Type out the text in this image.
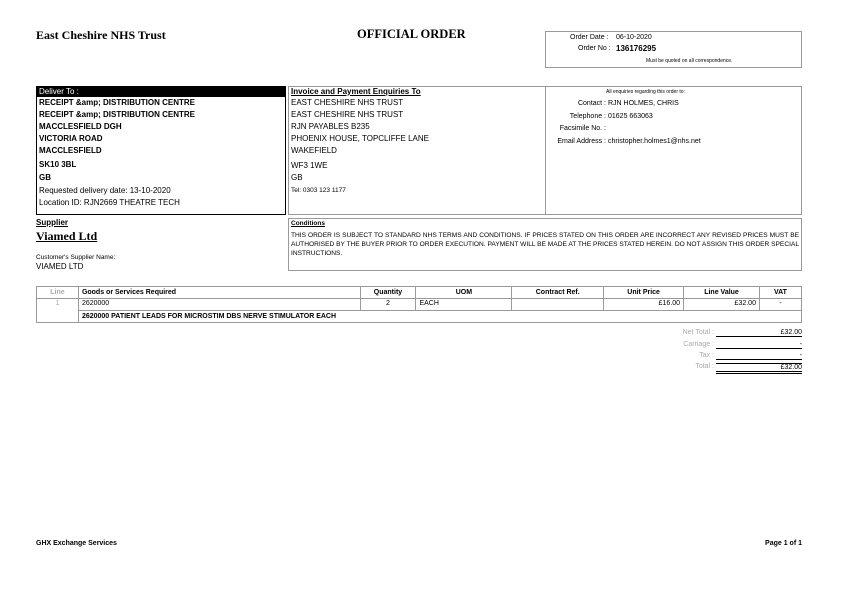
East Cheshire NHS Trust	OFFICIAL ORDER	Order Date : 06-10-2020
Order No : 136176295
Must be quoted on all correspondence.
Deliver To :
RECEIPT &amp; DISTRIBUTION CENTRE
RECEIPT &amp; DISTRIBUTION CENTRE
MACCLESFIELD DGH
VICTORIA ROAD
MACCLESFIELD
SK10 3BL
GB
Requested delivery date: 13-10-2020
Location ID: RJN2669 THEATRE TECH
Invoice and Payment Enquiries To
EAST CHESHIRE NHS TRUST
EAST CHESHIRE NHS TRUST
RJN PAYABLES B235
PHOENIX HOUSE, TOPCLIFFE LANE
WAKEFIELD
WF3 1WE
GB
Tel: 0303 123 1177
All enquiries regarding this order to:
Contact : RJN HOLMES, CHRIS
Telephone : 01625 663063
Facsimile No. :
Email Address : christopher.holmes1@nhs.net
Supplier
Viamed Ltd
Customer's Supplier Name:
VIAMED LTD
Conditions
THIS ORDER IS SUBJECT TO STANDARD NHS TERMS AND CONDITIONS. IF PRICES STATED ON THIS ORDER ARE INCORRECT ANY REVISED PRICES MUST BE AUTHORISED BY THE BUYER PRIOR TO ORDER EXECUTION. PAYMENT WILL BE MADE AT THE PRICES STATED HEREIN. DO NOT ASSIGN THIS ORDER SPECIAL INSTRUCTIONS.
Line	Goods or Services Required	Quantity	UOM	Contract Ref.	Unit Price	Line Value	VAT
1	2620000	2	EACH		£16.00	£32.00	-
	2620000 PATIENT LEADS FOR MICROSTIM DBS NERVE STIMULATOR EACH						
Net Total :	£32.00
Carriage :	-
Tax :	-
Total :	£32.00
GHX Exchange Services	Page 1 of 1
